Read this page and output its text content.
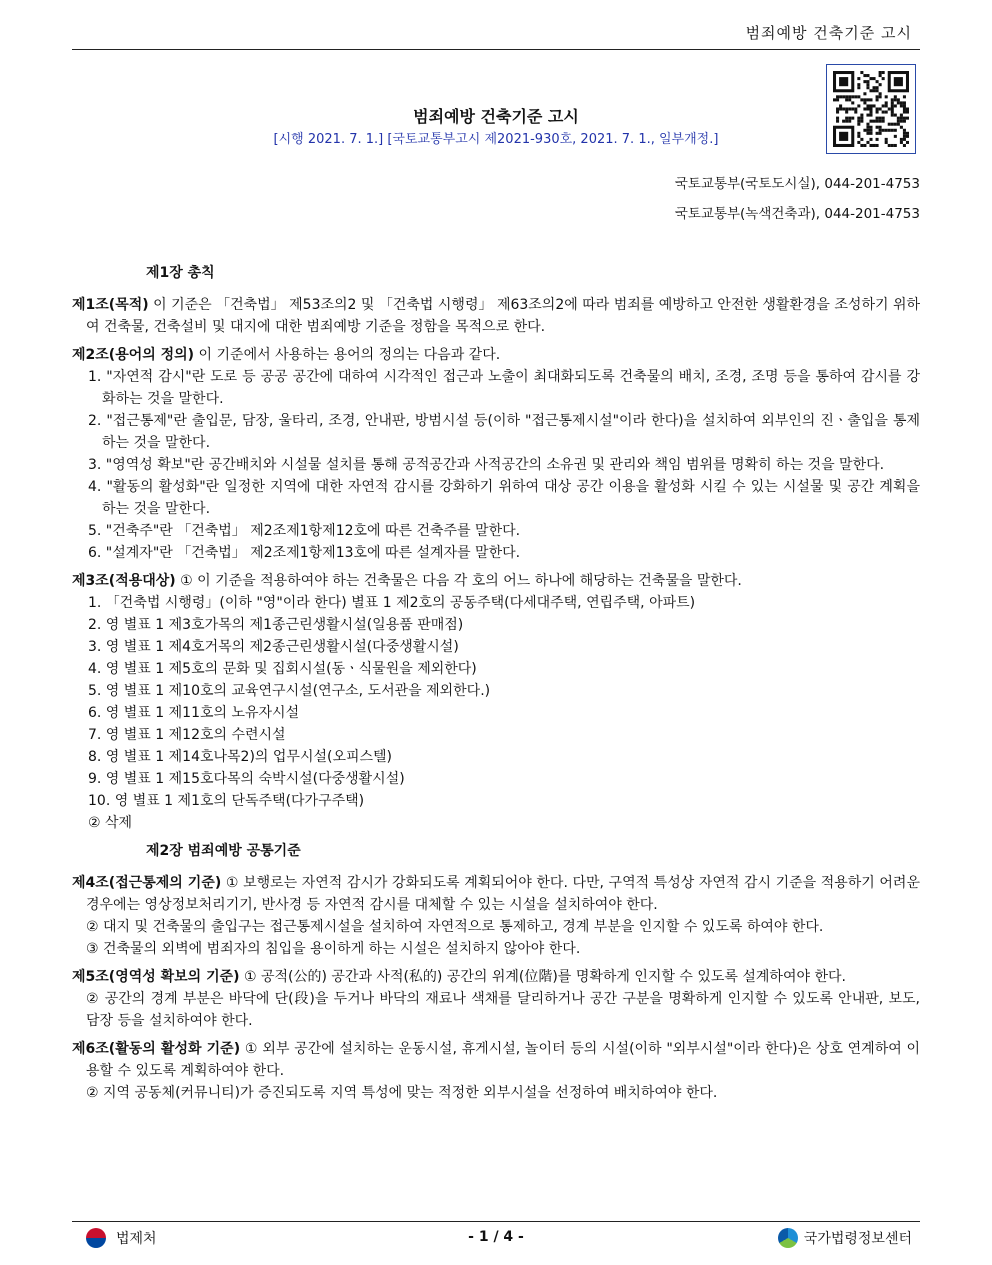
범죄예방 건축기준 고시
범죄예방 건축기준 고시
[시행 2021. 7. 1.] [국토교통부고시 제2021-930호, 2021. 7. 1., 일부개정.]
국토교통부(국토도시실), 044-201-4753
국토교통부(녹색건축과), 044-201-4753
제1장 총칙
제1조(목적) 이 기준은 「건축법」 제53조의2 및 「건축법 시행령」 제63조의2에 따라 범죄를 예방하고 안전한 생활환경을 조성하기 위하여 건축물, 건축설비 및 대지에 대한 범죄예방 기준을 정함을 목적으로 한다.
제2조(용어의 정의) 이 기준에서 사용하는 용어의 정의는 다음과 같다.
1. "자연적 감시"란 도로 등 공공 공간에 대하여 시각적인 접근과 노출이 최대화되도록 건축물의 배치, 조경, 조명 등을 통하여 감시를 강화하는 것을 말한다.
2. "접근통제"란 출입문, 담장, 울타리, 조경, 안내판, 방범시설 등(이하 "접근통제시설"이라 한다)을 설치하여 외부인의 진ㆍ출입을 통제하는 것을 말한다.
3. "영역성 확보"란 공간배치와 시설물 설치를 통해 공적공간과 사적공간의 소유권 및 관리와 책임 범위를 명확히 하는 것을 말한다.
4. "활동의 활성화"란 일정한 지역에 대한 자연적 감시를 강화하기 위하여 대상 공간 이용을 활성화 시킬 수 있는 시설물 및 공간 계획을 하는 것을 말한다.
5. "건축주"란 「건축법」 제2조제1항제12호에 따른 건축주를 말한다.
6. "설계자"란 「건축법」 제2조제1항제13호에 따른 설계자를 말한다.
제3조(적용대상) ① 이 기준을 적용하여야 하는 건축물은 다음 각 호의 어느 하나에 해당하는 건축물을 말한다.
1. 「건축법 시행령」(이하 "영"이라 한다) 별표 1 제2호의 공동주택(다세대주택, 연립주택, 아파트)
2. 영 별표 1 제3호가목의 제1종근린생활시설(일용품 판매점)
3. 영 별표 1 제4호거목의 제2종근린생활시설(다중생활시설)
4. 영 별표 1 제5호의 문화 및 집회시설(동ㆍ식물원을 제외한다)
5. 영 별표 1 제10호의 교육연구시설(연구소, 도서관을 제외한다.)
6. 영 별표 1 제11호의 노유자시설
7. 영 별표 1 제12호의 수련시설
8. 영 별표 1 제14호나목2)의 업무시설(오피스텔)
9. 영 별표 1 제15호다목의 숙박시설(다중생활시설)
10. 영 별표 1 제1호의 단독주택(다가구주택)
② 삭제
제2장 범죄예방 공통기준
제4조(접근통제의 기준) ① 보행로는 자연적 감시가 강화되도록 계획되어야 한다. 다만, 구역적 특성상 자연적 감시 기준을 적용하기 어려운 경우에는 영상정보처리기기, 반사경 등 자연적 감시를 대체할 수 있는 시설을 설치하여야 한다.
② 대지 및 건축물의 출입구는 접근통제시설을 설치하여 자연적으로 통제하고, 경계 부분을 인지할 수 있도록 하여야 한다.
③ 건축물의 외벽에 범죄자의 침입을 용이하게 하는 시설은 설치하지 않아야 한다.
제5조(영역성 확보의 기준) ① 공적(公的) 공간과 사적(私的) 공간의 위계(位階)를 명확하게 인지할 수 있도록 설계하여야 한다.
② 공간의 경계 부분은 바닥에 단(段)을 두거나 바닥의 재료나 색채를 달리하거나 공간 구분을 명확하게 인지할 수 있도록 안내판, 보도, 담장 등을 설치하여야 한다.
제6조(활동의 활성화 기준) ① 외부 공간에 설치하는 운동시설, 휴게시설, 놀이터 등의 시설(이하 "외부시설"이라 한다)은 상호 연계하여 이용할 수 있도록 계획하여야 한다.
② 지역 공동체(커뮤니티)가 증진되도록 지역 특성에 맞는 적정한 외부시설을 선정하여 배치하여야 한다.
법제처	- 1 / 4 -	국가법령정보센터
